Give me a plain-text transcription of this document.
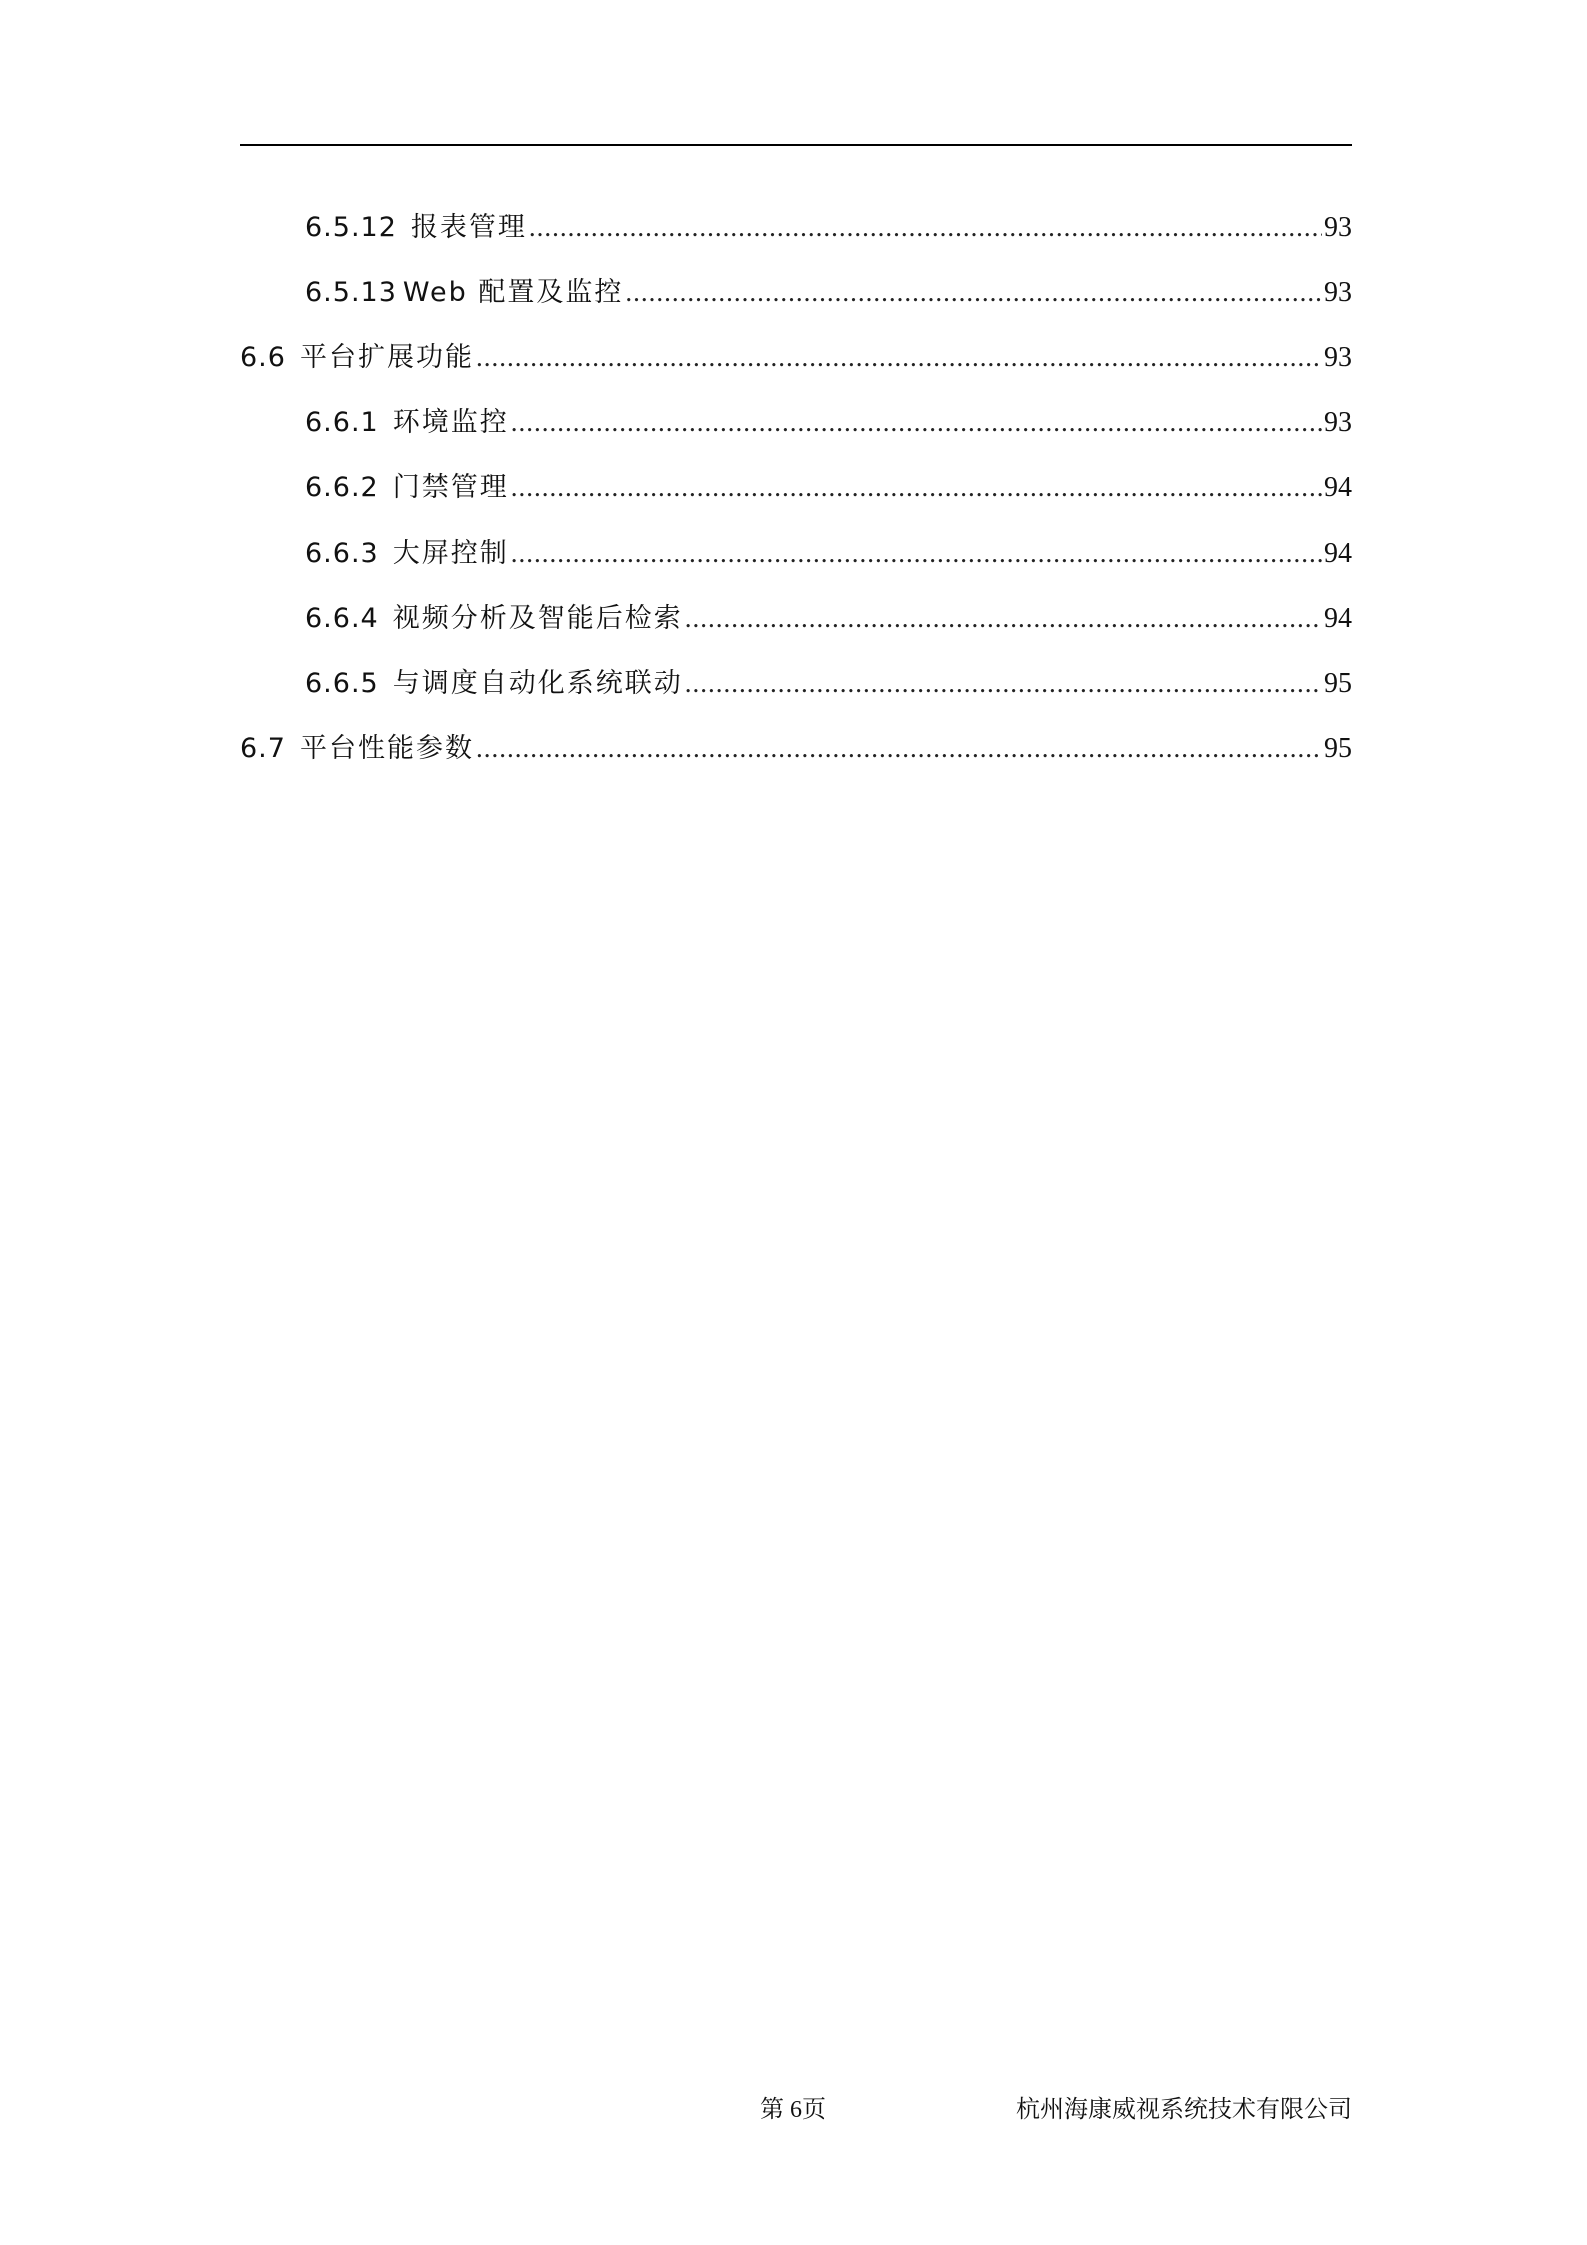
6.5.12 报表管理 .....	93
6.5.13 Web 配置及监控 .....	93
6.6 平台扩展功能 .....	93
6.6.1 环境监控 .....	93
6.6.2 门禁管理 .....	94
6.6.3 大屏控制 .....	94
6.6.4 视频分析及智能后检索 .....	94
6.6.5 与调度自动化系统联动 .....	95
6.7 平台性能参数 .....	95
第 6页	杭州海康威视系统技术有限公司
